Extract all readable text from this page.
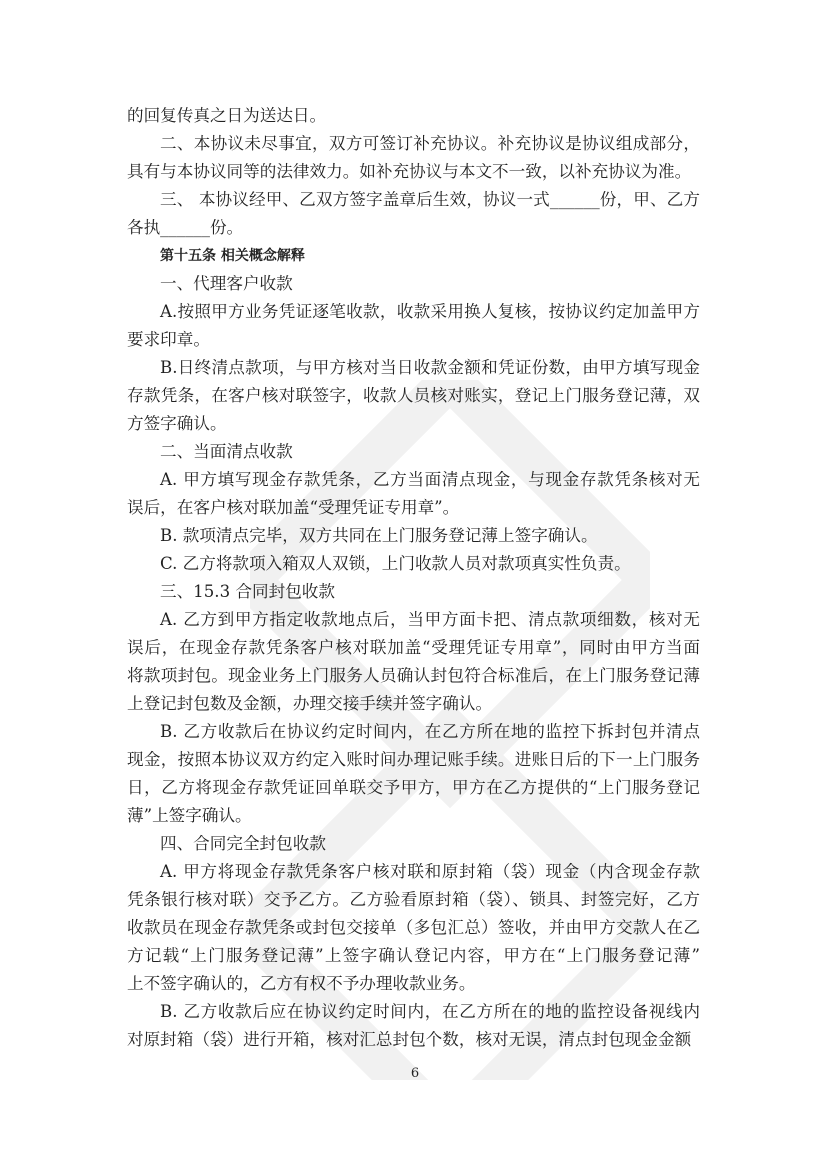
的回复传真之日为送达日。
二、本协议未尽事宜，双方可签订补充协议。补充协议是协议组成部分，
具有与本协议同等的法律效力。如补充协议与本文不一致，以补充协议为准。
三、 本协议经甲、乙双方签字盖章后生效，协议一式______份，甲、乙方
各执______份。
第十五条 相关概念解释
一、代理客户收款
A.按照甲方业务凭证逐笔收款，收款采用换人复核，按协议约定加盖甲方
要求印章。
B.日终清点款项，与甲方核对当日收款金额和凭证份数，由甲方填写现金
存款凭条，在客户核对联签字，收款人员核对账实，登记上门服务登记薄，双
方签字确认。
二、当面清点收款
A. 甲方填写现金存款凭条，乙方当面清点现金，与现金存款凭条核对无
误后，在客户核对联加盖“受理凭证专用章”。
B. 款项清点完毕，双方共同在上门服务登记薄上签字确认。
C. 乙方将款项入箱双人双锁，上门收款人员对款项真实性负责。
三、15.3 合同封包收款
A. 乙方到甲方指定收款地点后，当甲方面卡把、清点款项细数，核对无
误后，在现金存款凭条客户核对联加盖“受理凭证专用章”，同时由甲方当面
将款项封包。现金业务上门服务人员确认封包符合标准后，在上门服务登记薄
上登记封包数及金额，办理交接手续并签字确认。
B. 乙方收款后在协议约定时间内，在乙方所在地的监控下拆封包并清点
现金，按照本协议双方约定入账时间办理记账手续。进账日后的下一上门服务
日，乙方将现金存款凭证回单联交予甲方，甲方在乙方提供的“上门服务登记
薄”上签字确认。
四、合同完全封包收款
A. 甲方将现金存款凭条客户核对联和原封箱（袋）现金（内含现金存款
凭条银行核对联）交予乙方。乙方验看原封箱（袋）、锁具、封签完好，乙方
收款员在现金存款凭条或封包交接单（多包汇总）签收，并由甲方交款人在乙
方记载“上门服务登记薄”上签字确认登记内容，甲方在“上门服务登记薄”
上不签字确认的，乙方有权不予办理收款业务。
B. 乙方收款后应在协议约定时间内，在乙方所在的地的监控设备视线内
对原封箱（袋）进行开箱，核对汇总封包个数，核对无误，清点封包现金金额
6
